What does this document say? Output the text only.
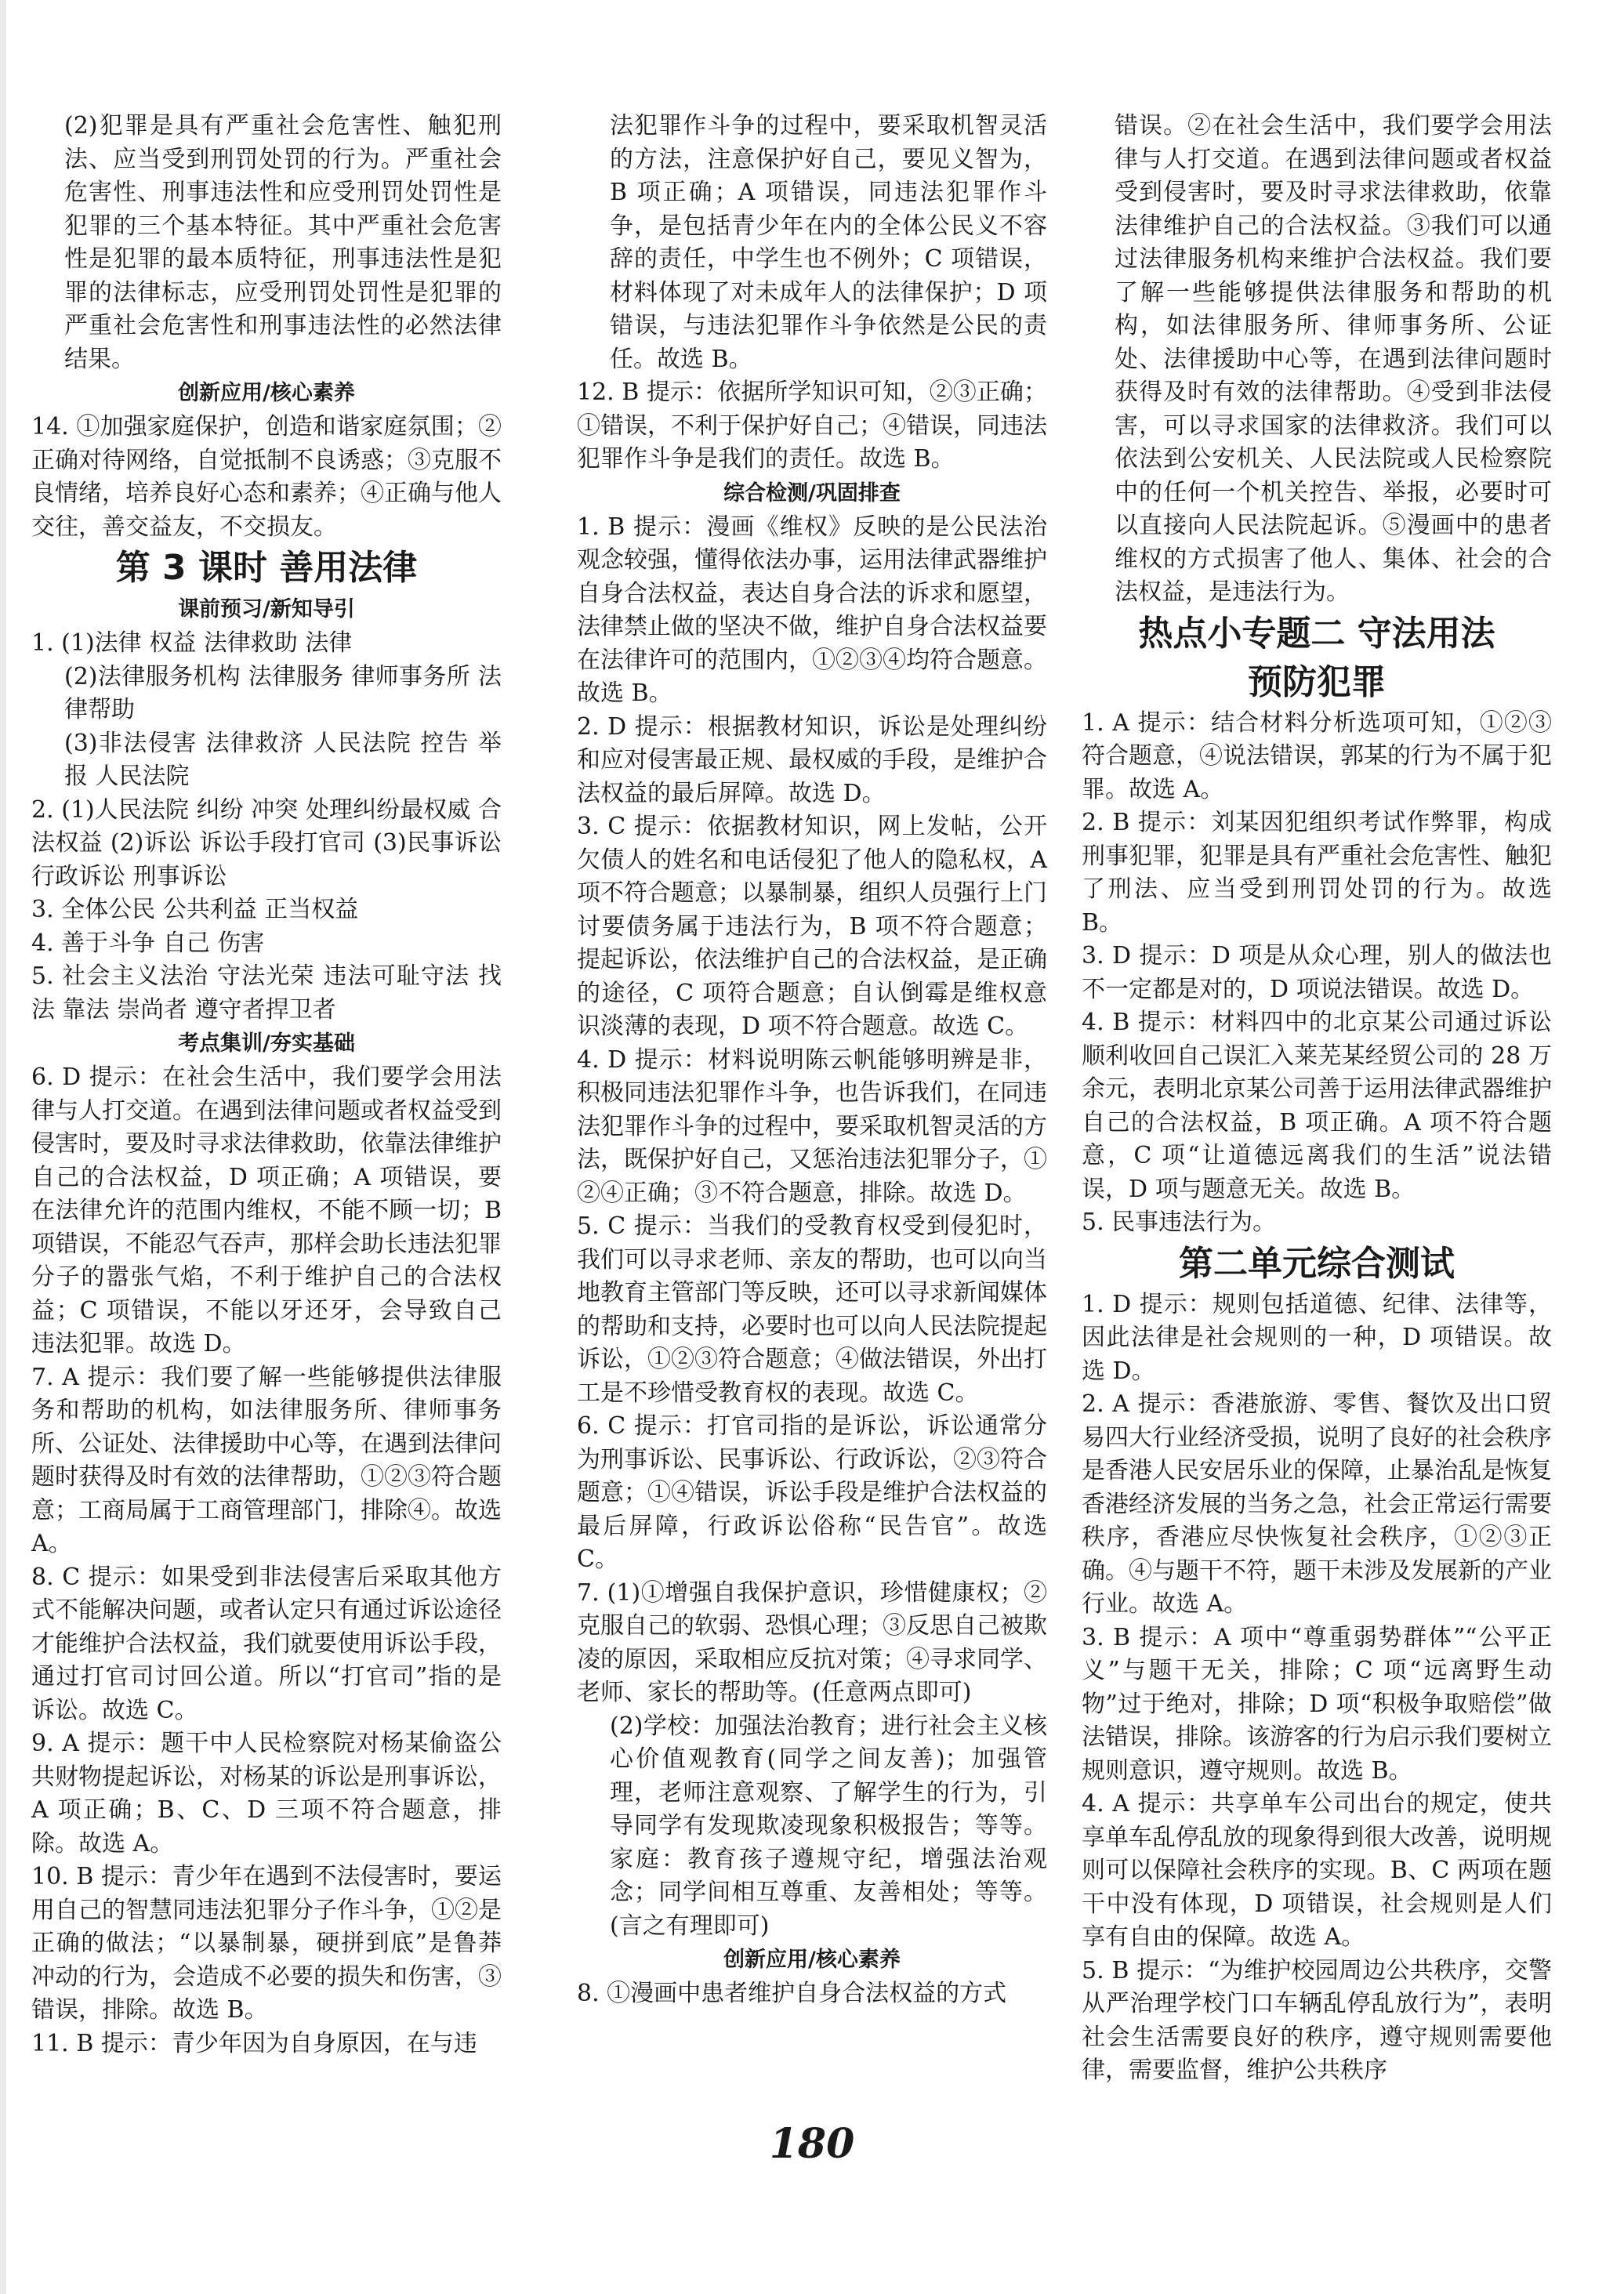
(2)犯罪是具有严重社会危害性、触犯刑法、应当受到刑罚处罚的行为。严重社会危害性、刑事违法性和应受刑罚处罚性是犯罪的三个基本特征。其中严重社会危害性是犯罪的最本质特征，刑事违法性是犯罪的法律标志，应受刑罚处罚性是犯罪的严重社会危害性和刑事违法性的必然法律结果。

创新应用/核心素养

14. ①加强家庭保护，创造和谐家庭氛围；②正确对待网络，自觉抵制不良诱惑；③克服不良情绪，培养良好心态和素养；④正确与他人交往，善交益友，不交损友。

第 3 课时 善用法律

课前预习/新知导引

1. (1)法律 权益 法律救助 法律

(2)法律服务机构 法律服务 律师事务所 法律帮助

(3)非法侵害 法律救济 人民法院 控告 举报 人民法院

2. (1)人民法院 纠纷 冲突 处理纠纷最权威 合法权益 (2)诉讼 诉讼手段打官司 (3)民事诉讼 行政诉讼 刑事诉讼

3. 全体公民 公共利益 正当权益

4. 善于斗争 自己 伤害

5. 社会主义法治 守法光荣 违法可耻守法 找法 靠法 崇尚者 遵守者捍卫者

考点集训/夯实基础

6. D 提示：在社会生活中，我们要学会用法律与人打交道。在遇到法律问题或者权益受到侵害时，要及时寻求法律救助，依靠法律维护自己的合法权益，D 项正确；A 项错误，要在法律允许的范围内维权，不能不顾一切；B 项错误，不能忍气吞声，那样会助长违法犯罪分子的嚣张气焰，不利于维护自己的合法权益；C 项错误，不能以牙还牙，会导致自己违法犯罪。故选 D。

7. A 提示：我们要了解一些能够提供法律服务和帮助的机构，如法律服务所、律师事务所、公证处、法律援助中心等，在遇到法律问题时获得及时有效的法律帮助，①②③符合题意；工商局属于工商管理部门，排除④。故选 A。

8. C 提示：如果受到非法侵害后采取其他方式不能解决问题，或者认定只有通过诉讼途径才能维护合法权益，我们就要使用诉讼手段，通过打官司讨回公道。所以“打官司”指的是诉讼。故选 C。

9. A 提示：题干中人民检察院对杨某偷盗公共财物提起诉讼，对杨某的诉讼是刑事诉讼，A 项正确；B、C、D 三项不符合题意，排除。故选 A。

10. B 提示：青少年在遇到不法侵害时，要运用自己的智慧同违法犯罪分子作斗争，①②是正确的做法；“以暴制暴，硬拼到底”是鲁莽冲动的行为，会造成不必要的损失和伤害，③错误，排除。故选 B。

11. B 提示：青少年因为自身原因，在与违

法犯罪作斗争的过程中，要采取机智灵活的方法，注意保护好自己，要见义智为，B 项正确；A 项错误，同违法犯罪作斗争，是包括青少年在内的全体公民义不容辞的责任，中学生也不例外；C 项错误，材料体现了对未成年人的法律保护；D 项错误，与违法犯罪作斗争依然是公民的责任。故选 B。

12. B 提示：依据所学知识可知，②③正确；①错误，不利于保护好自己；④错误，同违法犯罪作斗争是我们的责任。故选 B。

综合检测/巩固排查

1. B 提示：漫画《维权》反映的是公民法治观念较强，懂得依法办事，运用法律武器维护自身合法权益，表达自身合法的诉求和愿望，法律禁止做的坚决不做，维护自身合法权益要在法律许可的范围内，①②③④均符合题意。故选 B。

2. D 提示：根据教材知识，诉讼是处理纠纷和应对侵害最正规、最权威的手段，是维护合法权益的最后屏障。故选 D。

3. C 提示：依据教材知识，网上发帖，公开欠债人的姓名和电话侵犯了他人的隐私权，A 项不符合题意；以暴制暴，组织人员强行上门讨要债务属于违法行为，B 项不符合题意；提起诉讼，依法维护自己的合法权益，是正确的途径，C 项符合题意；自认倒霉是维权意识淡薄的表现，D 项不符合题意。故选 C。

4. D 提示：材料说明陈云帆能够明辨是非，积极同违法犯罪作斗争，也告诉我们，在同违法犯罪作斗争的过程中，要采取机智灵活的方法，既保护好自己，又惩治违法犯罪分子，①②④正确；③不符合题意，排除。故选 D。

5. C 提示：当我们的受教育权受到侵犯时，我们可以寻求老师、亲友的帮助，也可以向当地教育主管部门等反映，还可以寻求新闻媒体的帮助和支持，必要时也可以向人民法院提起诉讼，①②③符合题意；④做法错误，外出打工是不珍惜受教育权的表现。故选 C。

6. C 提示：打官司指的是诉讼，诉讼通常分为刑事诉讼、民事诉讼、行政诉讼，②③符合题意；①④错误，诉讼手段是维护合法权益的最后屏障，行政诉讼俗称“民告官”。故选 C。

7. (1)①增强自我保护意识，珍惜健康权；②克服自己的软弱、恐惧心理；③反思自己被欺凌的原因，采取相应反抗对策；④寻求同学、老师、家长的帮助等。(任意两点即可)

(2)学校：加强法治教育；进行社会主义核心价值观教育(同学之间友善)；加强管理，老师注意观察、了解学生的行为，引导同学有发现欺凌现象积极报告；等等。家庭：教育孩子遵规守纪，增强法治观念；同学间相互尊重、友善相处；等等。(言之有理即可)

创新应用/核心素养

8. ①漫画中患者维护自身合法权益的方式

错误。②在社会生活中，我们要学会用法律与人打交道。在遇到法律问题或者权益受到侵害时，要及时寻求法律救助，依靠法律维护自己的合法权益。③我们可以通过法律服务机构来维护合法权益。我们要了解一些能够提供法律服务和帮助的机构，如法律服务所、律师事务所、公证处、法律援助中心等，在遇到法律问题时获得及时有效的法律帮助。④受到非法侵害，可以寻求国家的法律救济。我们可以依法到公安机关、人民法院或人民检察院中的任何一个机关控告、举报，必要时可以直接向人民法院起诉。⑤漫画中的患者维权的方式损害了他人、集体、社会的合法权益，是违法行为。

热点小专题二 守法用法

预防犯罪

1. A 提示：结合材料分析选项可知，①②③符合题意，④说法错误，郭某的行为不属于犯罪。故选 A。

2. B 提示：刘某因犯组织考试作弊罪，构成刑事犯罪，犯罪是具有严重社会危害性、触犯了刑法、应当受到刑罚处罚的行为。故选 B。

3. D 提示：D 项是从众心理，别人的做法也不一定都是对的，D 项说法错误。故选 D。

4. B 提示：材料四中的北京某公司通过诉讼顺利收回自己误汇入莱芜某经贸公司的 28 万余元，表明北京某公司善于运用法律武器维护自己的合法权益，B 项正确。A 项不符合题意，C 项“让道德远离我们的生活”说法错误，D 项与题意无关。故选 B。

5. 民事违法行为。

第二单元综合测试

1. D 提示：规则包括道德、纪律、法律等，因此法律是社会规则的一种，D 项错误。故选 D。

2. A 提示：香港旅游、零售、餐饮及出口贸易四大行业经济受损，说明了良好的社会秩序是香港人民安居乐业的保障，止暴治乱是恢复香港经济发展的当务之急，社会正常运行需要秩序，香港应尽快恢复社会秩序，①②③正确。④与题干不符，题干未涉及发展新的产业行业。故选 A。

3. B 提示：A 项中“尊重弱势群体”“公平正义”与题干无关，排除；C 项“远离野生动物”过于绝对，排除；D 项“积极争取赔偿”做法错误，排除。该游客的行为启示我们要树立规则意识，遵守规则。故选 B。

4. A 提示：共享单车公司出台的规定，使共享单车乱停乱放的现象得到很大改善，说明规则可以保障社会秩序的实现。B、C 两项在题干中没有体现，D 项错误，社会规则是人们享有自由的保障。故选 A。

5. B 提示：“为维护校园周边公共秩序，交警从严治理学校门口车辆乱停乱放行为”，表明社会生活需要良好的秩序，遵守规则需要他律，需要监督，维护公共秩序

180
